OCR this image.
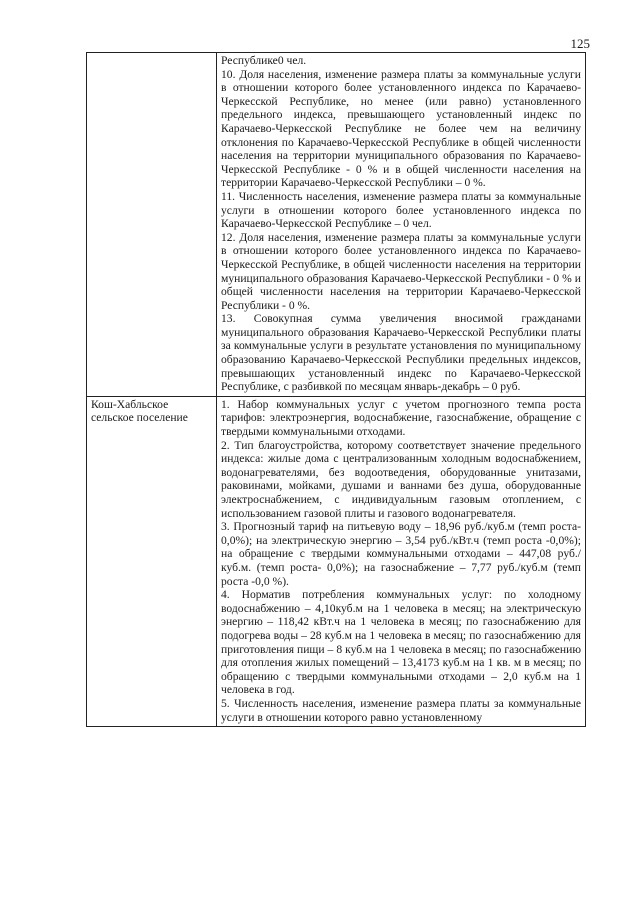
125

	Республике0 чел.

10. Доля населения, изменение размера платы за коммунальные услуги в отношении которого более установленного индекса по Карачаево-Черкесской Республике, но менее (или равно) установленного предельного индекса, превышающего установленный индекс по Карачаево-Черкесской Республике не более чем на величину отклонения по Карачаево-Черкесской Республике в общей численности населения на территории муниципального образования по Карачаево-Черкесской Республике - 0 % и в общей численности населения на территории Карачаево-Черкесской Республики – 0 %.

11. Численность населения, изменение размера платы за коммунальные услуги в отношении которого более установленного индекса по Карачаево-Черкесской Республике – 0 чел.

12. Доля населения, изменение размера платы за коммунальные услуги в отношении которого более установленного индекса по Карачаево-Черкесской Республике, в общей численности населения на территории муниципального образования Карачаево-Черкесской Республики - 0 % и общей численности населения на территории Карачаево-Черкесской Республики - 0 %.

13. Совокупная сумма увеличения вносимой гражданами муниципального образования Карачаево-Черкесской Республики платы за коммунальные услуги в результате установления по муниципальному образованию Карачаево-Черкесской Республики предельных индексов, превышающих установленный индекс по Карачаево-Черкесской Республике, с разбивкой по месяцам январь-декабрь – 0 руб.

Кош-Хабльское сельское поселение	1. Набор коммунальных услуг с учетом прогнозного темпа роста тарифов: электроэнергия, водоснабжение, газоснабжение, обращение с твердыми коммунальными отходами.

2. Тип благоустройства, которому соответствует значение предельного индекса: жилые дома с централизованным холодным водоснабжением, водонагревателями, без водоотведения, оборудованные унитазами, раковинами, мойками, душами и ваннами без душа, оборудованные электроснабжением, с индивидуальным газовым отоплением, с использованием газовой плиты и газового водонагревателя.

3. Прогнозный тариф на питьевую воду – 18,96 руб./куб.м (темп роста- 0,0%); на электрическую энергию – 3,54 руб./кВт.ч (темп роста -0,0%); на обращение с твердыми коммунальными отходами – 447,08 руб./куб.м. (темп роста- 0,0%); на газоснабжение – 7,77 руб./куб.м (темп роста -0,0 %).

4. Норматив потребления коммунальных услуг: по холодному водоснабжению – 4,10куб.м на 1 человека в месяц; на электрическую энергию – 118,42 кВт.ч на 1 человека в месяц; по газоснабжению для подогрева воды – 28 куб.м на 1 человека в месяц; по газоснабжению для приготовления пищи – 8 куб.м на 1 человека в месяц; по газоснабжению для отопления жилых помещений – 13,4173 куб.м на 1 кв. м в месяц; по обращению с твердыми коммунальными отходами – 2,0 куб.м на 1 человека в год.

5. Численность населения, изменение размера платы за коммунальные услуги в отношении которого равно установленному
